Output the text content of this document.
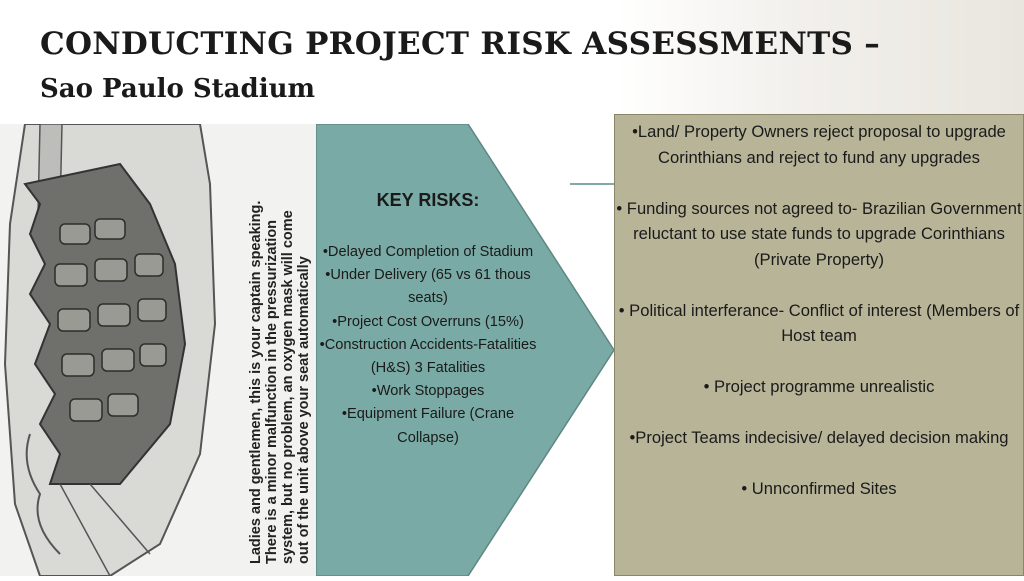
CONDUCTING PROJECT RISK ASSESSMENTS –
Sao Paulo Stadium
Ladies and gentlemen, this is your captain speaking. There is a minor malfunction in the pressurization system, but no problem, an oxygen mask will come out of the unit above your seat automatically
KEY RISKS:
•Delayed Completion of Stadium
•Under Delivery (65 vs 61 thous seats)
•Project Cost Overruns (15%)
•Construction Accidents-Fatalities (H&S) 3 Fatalities
•Work Stoppages
•Equipment Failure (Crane Collapse)
•Land/ Property Owners reject proposal to upgrade Corinthians and reject to fund any upgrades
• Funding sources not agreed to- Brazilian Government reluctant to use state funds to upgrade Corinthians (Private Property)
• Political interferance- Conflict of interest (Members of Host team
• Project programme unrealistic
•Project Teams indecisive/ delayed decision making
• Unnconfirmed Sites
